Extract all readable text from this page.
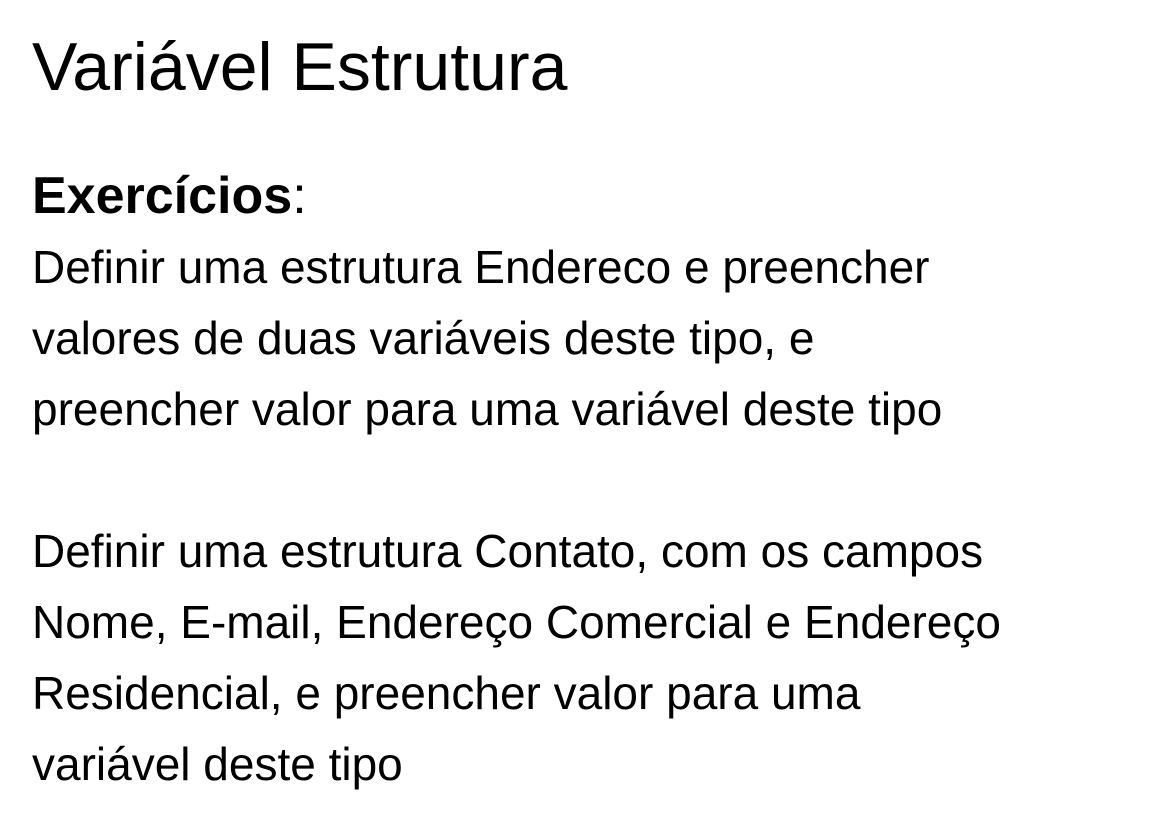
Variável Estrutura

Exercícios:

Definir uma estrutura Endereco e preencher
valores de duas variáveis deste tipo, e
preencher valor para uma variável deste tipo

Definir uma estrutura Contato, com os campos
Nome, E-mail, Endereço Comercial e Endereço
Residencial, e preencher valor para uma
variável deste tipo
